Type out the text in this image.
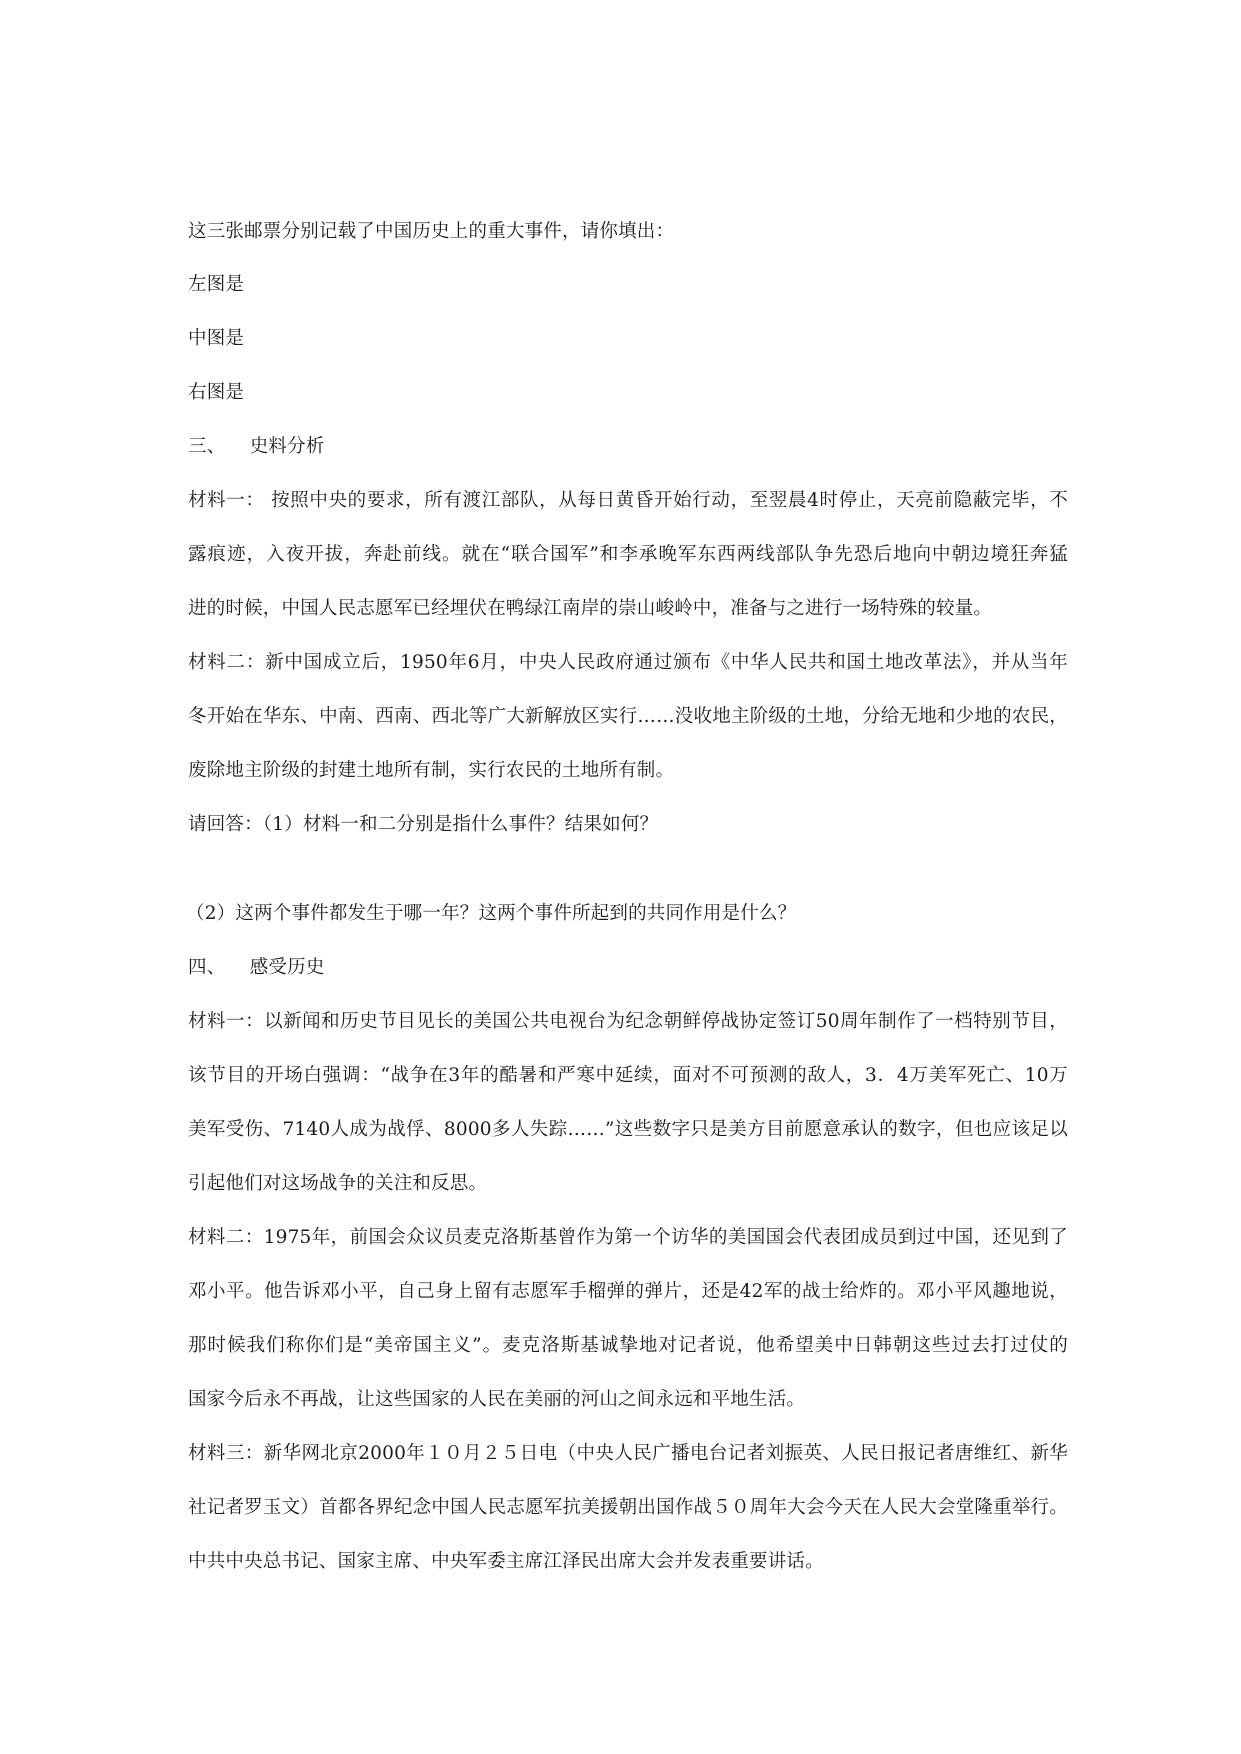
这三张邮票分别记载了中国历史上的重大事件，请你填出：
左图是
中图是
右图是
三、    史料分析
材料一： 按照中央的要求，所有渡江部队，从每日黄昏开始行动，至翌晨4时停止，天亮前隐蔽完毕，不
露痕迹，入夜开拔，奔赴前线。就在“联合国军”和李承晚军东西两线部队争先恐后地向中朝边境狂奔猛
进的时候，中国人民志愿军已经埋伏在鸭绿江南岸的崇山峻岭中，准备与之进行一场特殊的较量。
材料二：新中国成立后，1950年6月，中央人民政府通过颁布《中华人民共和国土地改革法》，并从当年
冬开始在华东、中南、西南、西北等广大新解放区实行……没收地主阶级的土地，分给无地和少地的农民，
废除地主阶级的封建土地所有制，实行农民的土地所有制。
请回答：（1）材料一和二分别是指什么事件？结果如何？
（2）这两个事件都发生于哪一年？这两个事件所起到的共同作用是什么？
四、    感受历史
材料一：以新闻和历史节目见长的美国公共电视台为纪念朝鲜停战协定签订50周年制作了一档特别节目，
该节目的开场白强调：“战争在3年的酷暑和严寒中延续，面对不可预测的敌人，3．4万美军死亡、10万
美军受伤、7140人成为战俘、8000多人失踪……”这些数字只是美方目前愿意承认的数字，但也应该足以
引起他们对这场战争的关注和反思。
材料二：1975年，前国会众议员麦克洛斯基曾作为第一个访华的美国国会代表团成员到过中国，还见到了
邓小平。他告诉邓小平，自己身上留有志愿军手榴弹的弹片，还是42军的战士给炸的。邓小平风趣地说，
那时候我们称你们是“美帝国主义”。麦克洛斯基诚挚地对记者说，他希望美中日韩朝这些过去打过仗的
国家今后永不再战，让这些国家的人民在美丽的河山之间永远和平地生活。
材料三：新华网北京2000年１０月２５日电（中央人民广播电台记者刘振英、人民日报记者唐维红、新华
社记者罗玉文）首都各界纪念中国人民志愿军抗美援朝出国作战５０周年大会今天在人民大会堂隆重举行。
中共中央总书记、国家主席、中央军委主席江泽民出席大会并发表重要讲话。
